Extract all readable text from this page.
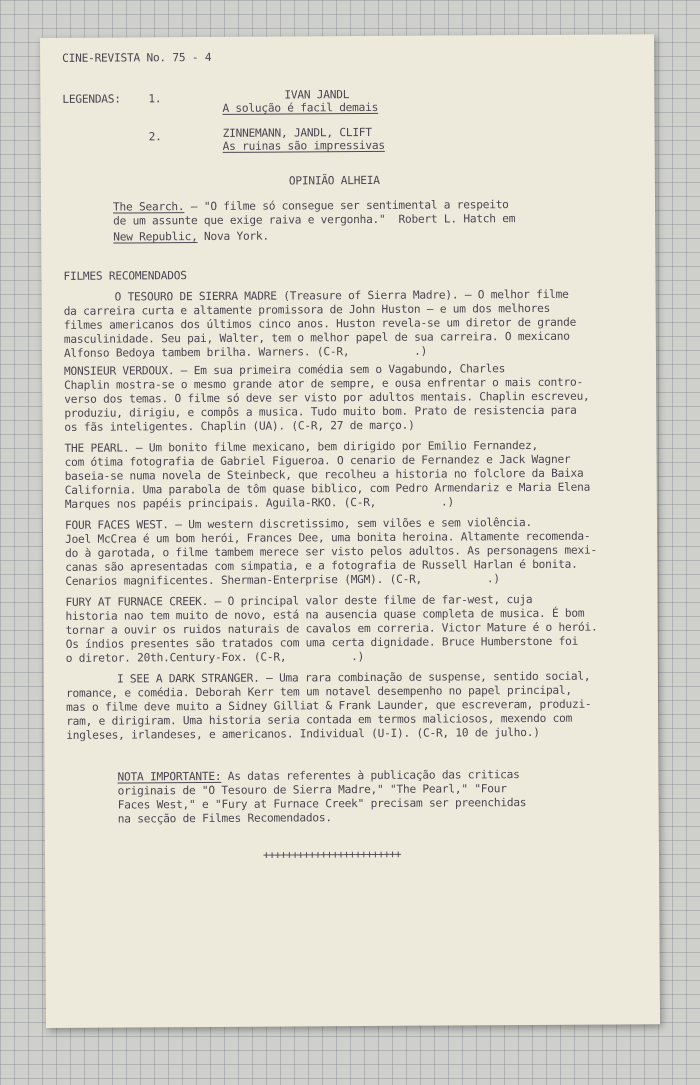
CINE-REVISTA No. 75 - 4
LEGENDAS: 1.	IVAN JANDL
A solução é facil demais
2.	ZINNEMANN, JANDL, CLIFT
As ruinas são impressivas
OPINIÃO ALHEIA
The Search. — "O filme só consegue ser sentimental a respeito
de um assunte que exige raiva e vergonha."  Robert L. Hatch em
New Republic, Nova York.
FILMES RECOMENDADOS
O TESOURO DE SIERRA MADRE (Treasure of Sierra Madre). — O melhor filme
da carreira curta e altamente promissora de John Huston — e um dos melhores
filmes americanos dos últimos cinco anos. Huston revela-se um diretor de grande
masculinidade. Seu pai, Walter, tem o melhor papel de sua carreira. O mexicano
Alfonso Bedoya tambem brilha. Warners. (C-R,          .)
MONSIEUR VERDOUX. — Em sua primeira comédia sem o Vagabundo, Charles
Chaplin mostra-se o mesmo grande ator de sempre, e ousa enfrentar o mais contro-
verso dos temas. O filme só deve ser visto por adultos mentais. Chaplin escreveu,
produziu, dirigiu, e compôs a musica. Tudo muito bom. Prato de resistencia para
os fãs inteligentes. Chaplin (UA). (C-R, 27 de março.)
THE PEARL. — Um bonito filme mexicano, bem dirigido por Emilio Fernandez,
com ótima fotografia de Gabriel Figueroa. O cenario de Fernandez e Jack Wagner
baseia-se numa novela de Steinbeck, que recolheu a historia no folclore da Baixa
California. Uma parabola de tôm quase biblico, com Pedro Armendariz e Maria Elena
Marques nos papéis principais. Aguila-RKO. (C-R,          .)
FOUR FACES WEST. — Um western discretissimo, sem vilões e sem violência.
Joel McCrea é um bom herói, Frances Dee, uma bonita heroina. Altamente recomenda-
do à garotada, o filme tambem merece ser visto pelos adultos. As personagens mexi-
canas são apresentadas com simpatia, e a fotografia de Russell Harlan é bonita.
Cenarios magnificentes. Sherman-Enterprise (MGM). (C-R,          .)
FURY AT FURNACE CREEK. — O principal valor deste filme de far-west, cuja
historia nao tem muito de novo, está na ausencia quase completa de musica. É bom
tornar a ouvir os ruidos naturais de cavalos em correria. Victor Mature é o herói.
Os índios presentes são tratados com uma certa dignidade. Bruce Humberstone foi
o diretor. 20th.Century-Fox. (C-R,          .)
I SEE A DARK STRANGER. — Uma rara combinação de suspense, sentido social,
romance, e comédia. Deborah Kerr tem um notavel desempenho no papel principal,
mas o filme deve muito a Sidney Gilliat & Frank Launder, que escreveram, produzi-
ram, e dirigiram. Uma historia seria contada em termos maliciosos, mexendo com
ingleses, irlandeses, e americanos. Individual (U-I). (C-R, 10 de julho.)
NOTA IMPORTANTE: As datas referentes à publicação das criticas
originais de "O Tesouro de Sierra Madre," "The Pearl," "Four
Faces West," e "Fury at Furnace Creek" precisam ser preenchidas
na secção de Filmes Recomendados.
++++++++++++++++++++++++
